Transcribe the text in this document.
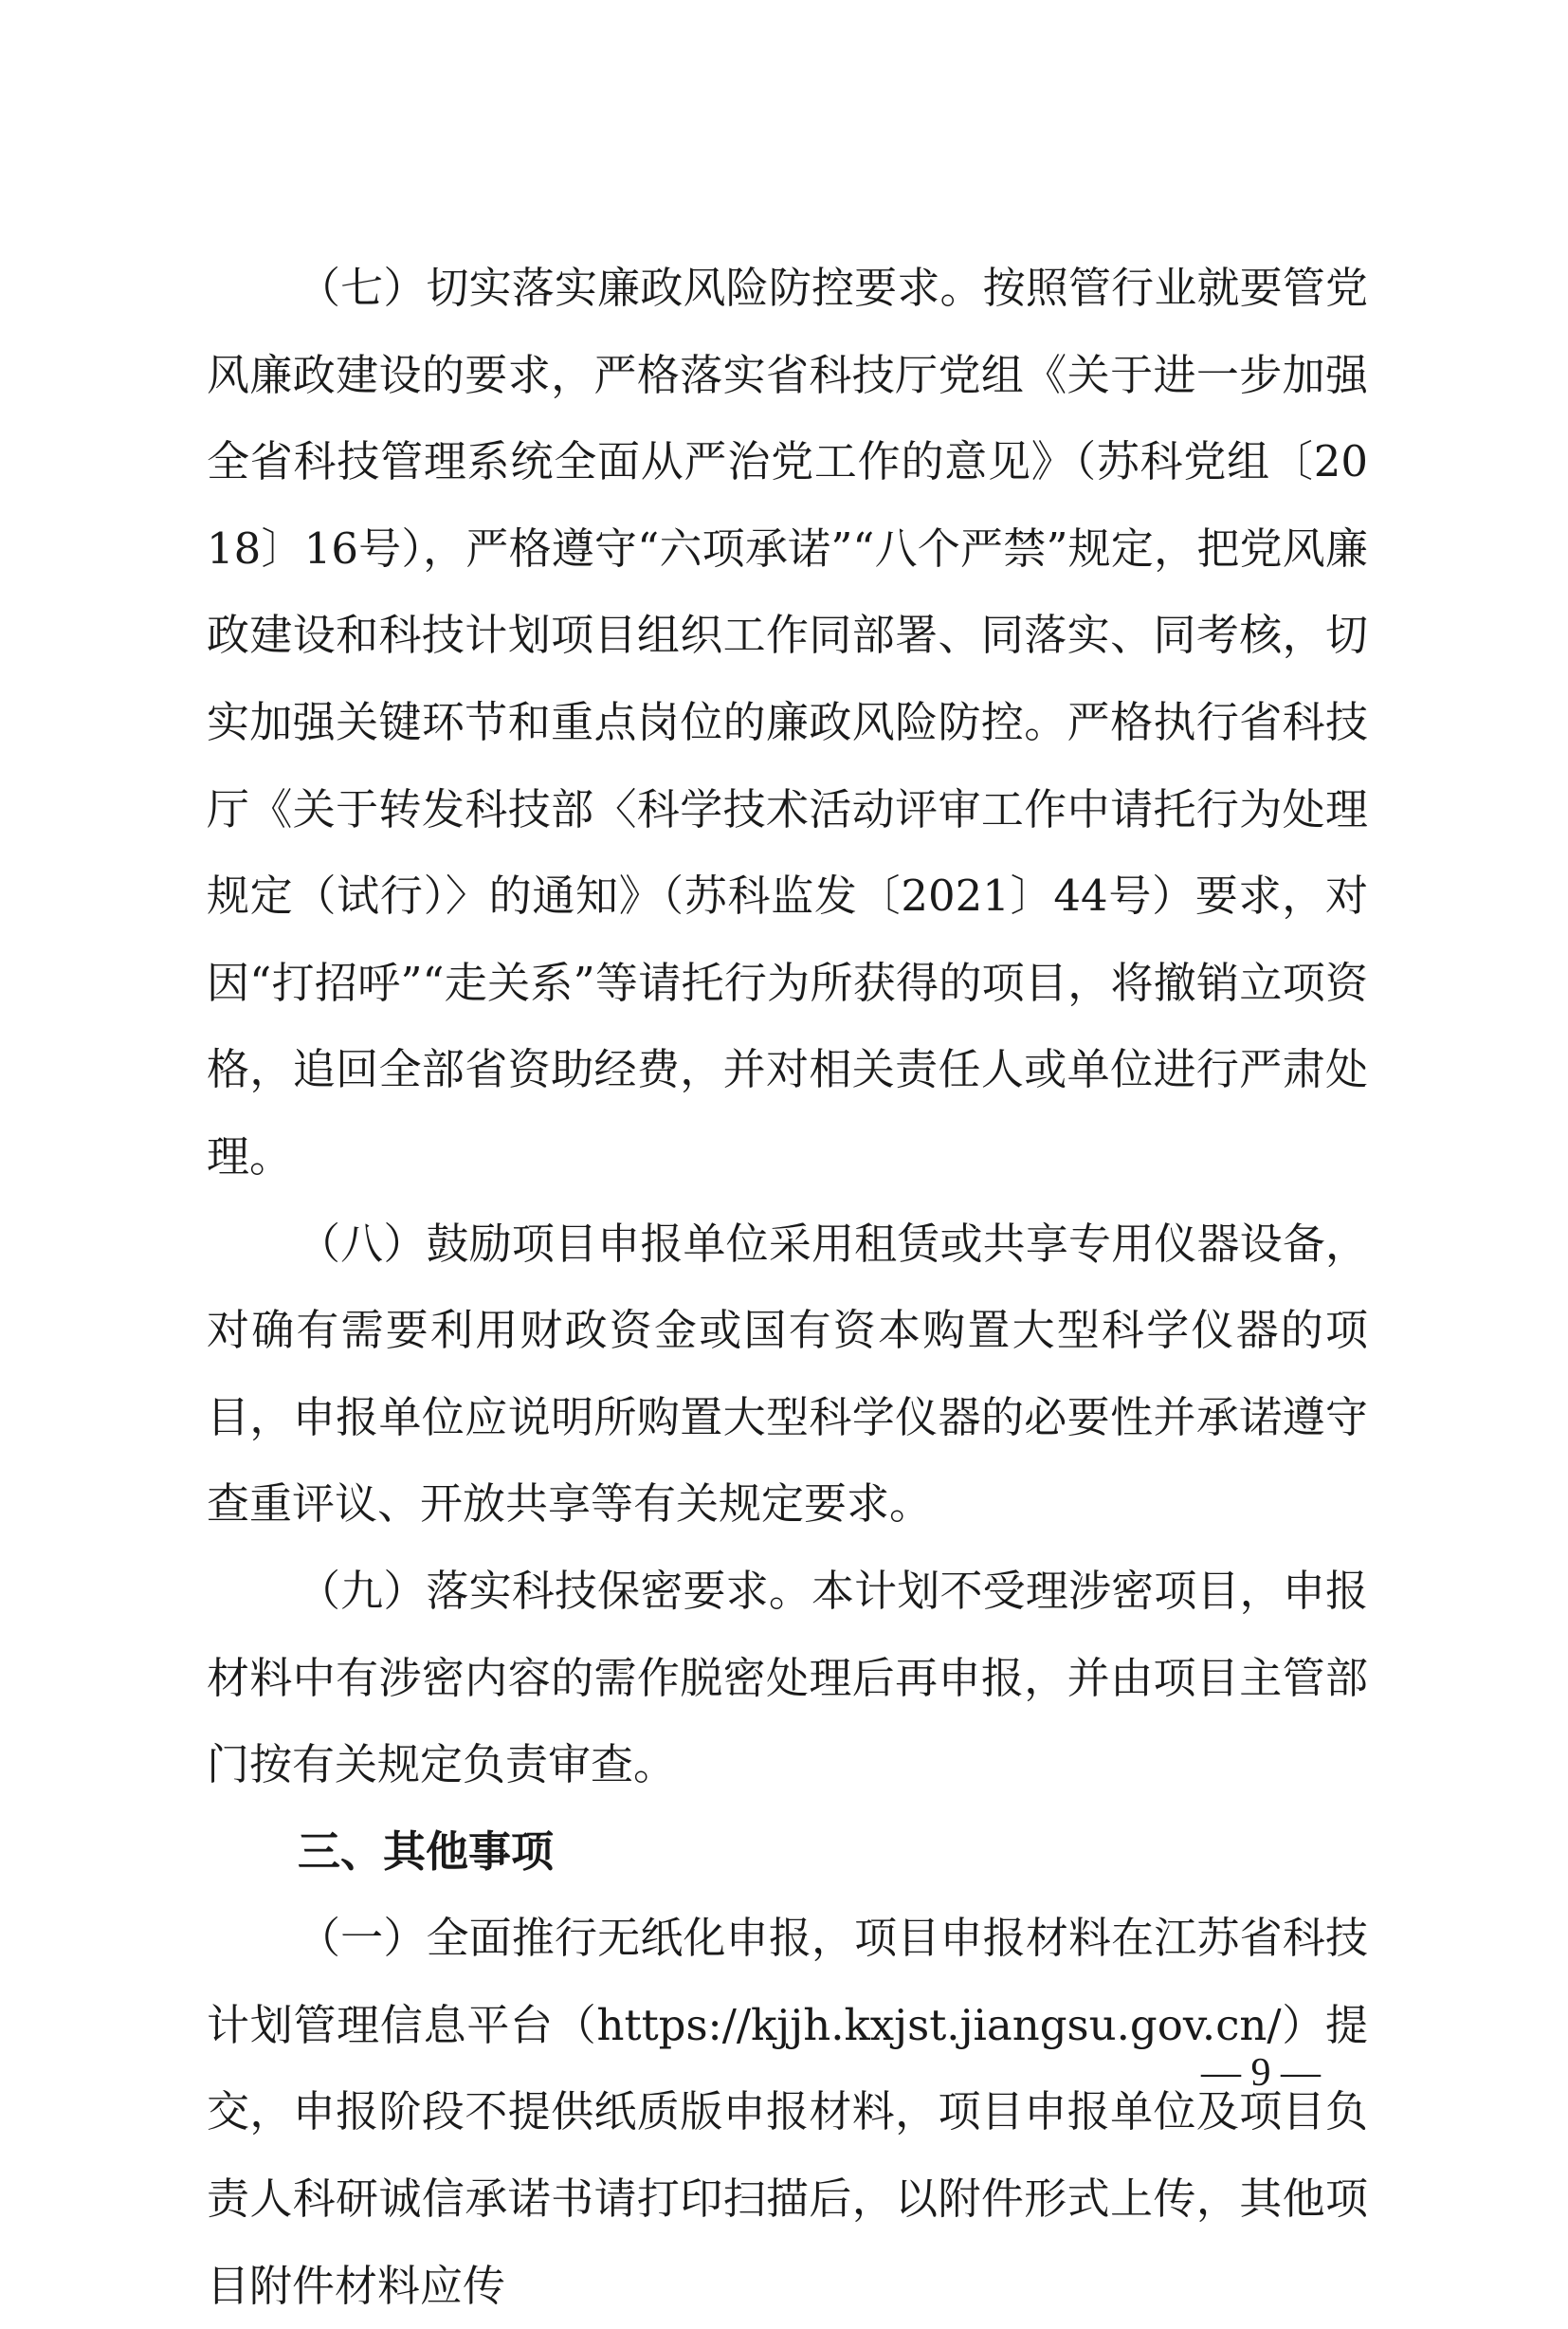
（七）切实落实廉政风险防控要求。按照管行业就要管党风廉政建设的要求，严格落实省科技厅党组《关于进一步加强全省科技管理系统全面从严治党工作的意见》（苏科党组〔2018〕16号），严格遵守“六项承诺”“八个严禁”规定，把党风廉政建设和科技计划项目组织工作同部署、同落实、同考核，切实加强关键环节和重点岗位的廉政风险防控。严格执行省科技厅《关于转发科技部〈科学技术活动评审工作中请托行为处理规定（试行）〉的通知》（苏科监发〔2021〕44号）要求，对因“打招呼”“走关系”等请托行为所获得的项目，将撤销立项资格，追回全部省资助经费，并对相关责任人或单位进行严肃处理。

（八）鼓励项目申报单位采用租赁或共享专用仪器设备，对确有需要利用财政资金或国有资本购置大型科学仪器的项目，申报单位应说明所购置大型科学仪器的必要性并承诺遵守查重评议、开放共享等有关规定要求。

（九）落实科技保密要求。本计划不受理涉密项目，申报材料中有涉密内容的需作脱密处理后再申报，并由项目主管部门按有关规定负责审查。

三、其他事项

（一）全面推行无纸化申报，项目申报材料在江苏省科技计划管理信息平台（https://kjjh.kxjst.jiangsu.gov.cn/）提交，申报阶段不提供纸质版申报材料，项目申报单位及项目负责人科研诚信承诺书请打印扫描后，以附件形式上传，其他项目附件材料应传

— 9 —
